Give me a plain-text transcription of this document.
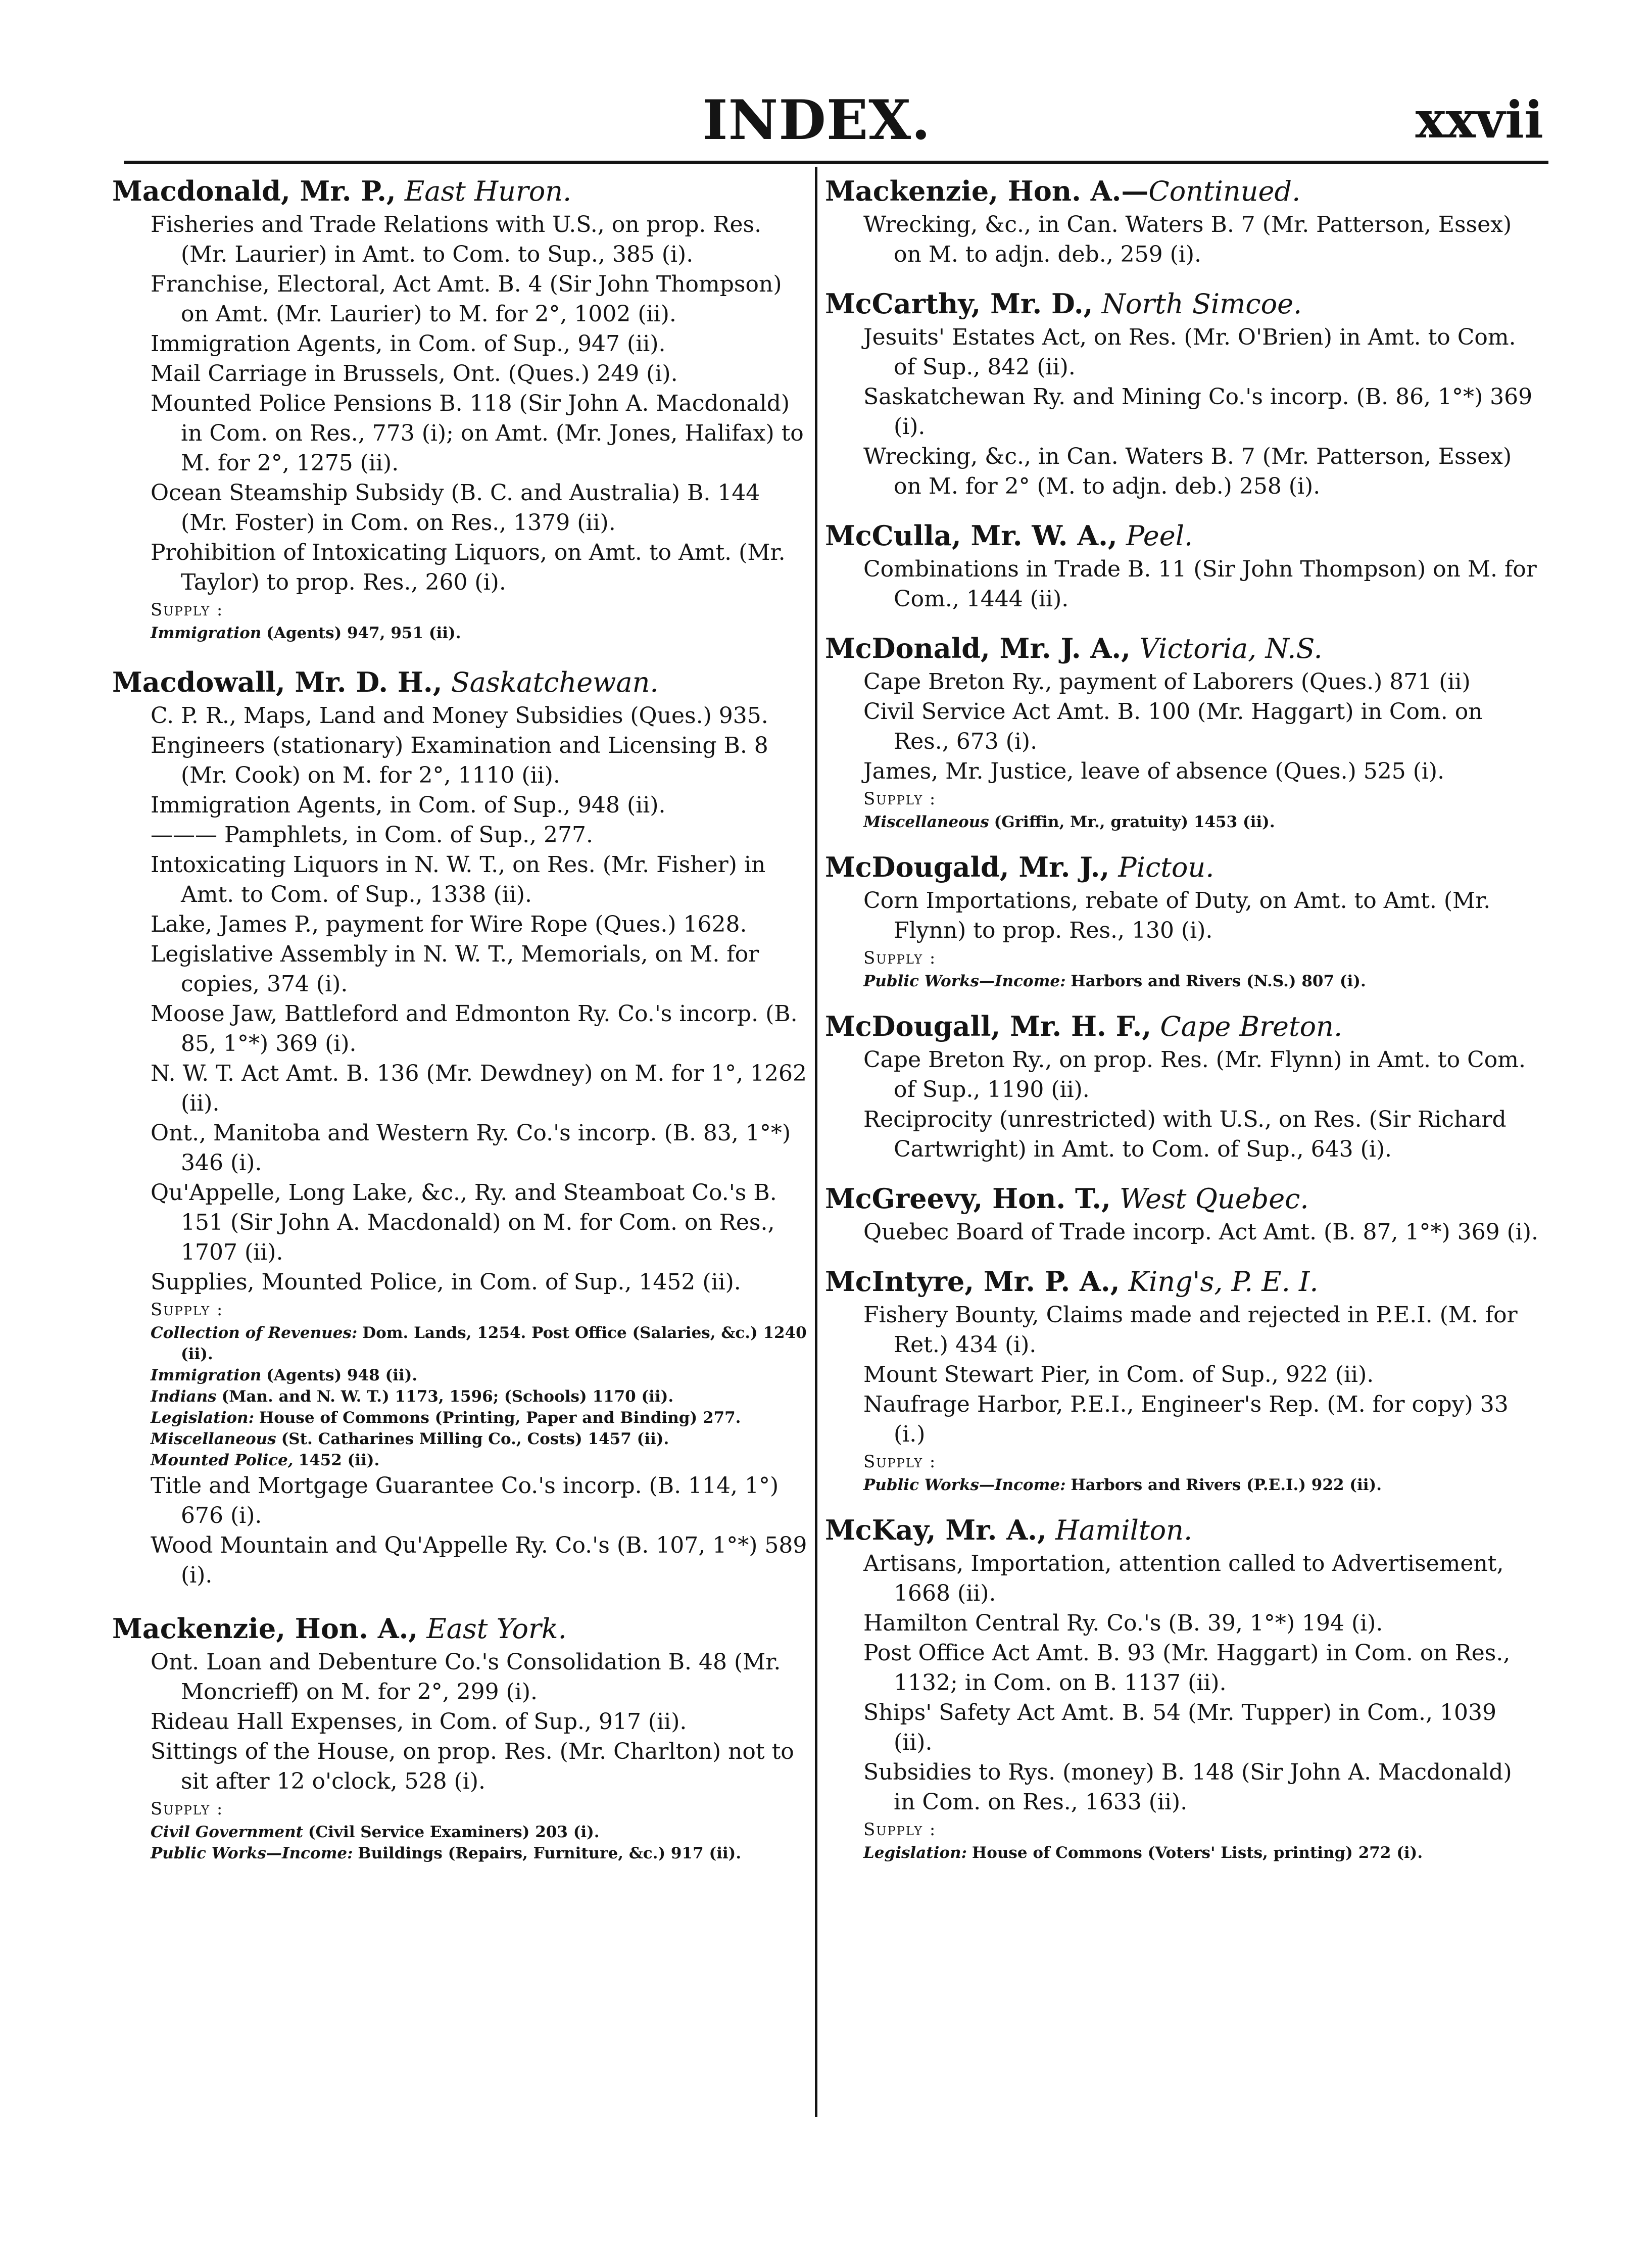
INDEX.	xxvii
Macdonald, Mr. P., East Huron.

Fisheries and Trade Relations with U.S., on prop. Res. (Mr. Laurier) in Amt. to Com. to Sup., 385 (i).

Franchise, Electoral, Act Amt. B. 4 (Sir John Thompson) on Amt. (Mr. Laurier) to M. for 2°, 1002 (ii).

Immigration Agents, in Com. of Sup., 947 (ii).

Mail Carriage in Brussels, Ont. (Ques.) 249 (i).

Mounted Police Pensions B. 118 (Sir John A. Macdonald) in Com. on Res., 773 (i); on Amt. (Mr. Jones, Halifax) to M. for 2°, 1275 (ii).

Ocean Steamship Subsidy (B. C. and Australia) B. 144 (Mr. Foster) in Com. on Res., 1379 (ii).

Prohibition of Intoxicating Liquors, on Amt. to Amt. (Mr. Taylor) to prop. Res., 260 (i).

Supply :

Immigration (Agents) 947, 951 (ii).

Macdowall, Mr. D. H., Saskatchewan.

C. P. R., Maps, Land and Money Subsidies (Ques.) 935.

Engineers (stationary) Examination and Licensing B. 8 (Mr. Cook) on M. for 2°, 1110 (ii).

Immigration Agents, in Com. of Sup., 948 (ii).

——— Pamphlets, in Com. of Sup., 277.

Intoxicating Liquors in N. W. T., on Res. (Mr. Fisher) in Amt. to Com. of Sup., 1338 (ii).

Lake, James P., payment for Wire Rope (Ques.) 1628.

Legislative Assembly in N. W. T., Memorials, on M. for copies, 374 (i).

Moose Jaw, Battleford and Edmonton Ry. Co.'s incorp. (B. 85, 1°*) 369 (i).

N. W. T. Act Amt. B. 136 (Mr. Dewdney) on M. for 1°, 1262 (ii).

Ont., Manitoba and Western Ry. Co.'s incorp. (B. 83, 1°*) 346 (i).

Qu'Appelle, Long Lake, &c., Ry. and Steamboat Co.'s B. 151 (Sir John A. Macdonald) on M. for Com. on Res., 1707 (ii).

Supplies, Mounted Police, in Com. of Sup., 1452 (ii).

Supply :

Collection of Revenues: Dom. Lands, 1254. Post Office (Salaries, &c.) 1240 (ii).

Immigration (Agents) 948 (ii).

Indians (Man. and N. W. T.) 1173, 1596; (Schools) 1170 (ii).

Legislation: House of Commons (Printing, Paper and Binding) 277.

Miscellaneous (St. Catharines Milling Co., Costs) 1457 (ii).

Mounted Police, 1452 (ii).

Title and Mortgage Guarantee Co.'s incorp. (B. 114, 1°) 676 (i).

Wood Mountain and Qu'Appelle Ry. Co.'s (B. 107, 1°*) 589 (i).

Mackenzie, Hon. A., East York.

Ont. Loan and Debenture Co.'s Consolidation B. 48 (Mr. Moncrieff) on M. for 2°, 299 (i).

Rideau Hall Expenses, in Com. of Sup., 917 (ii).

Sittings of the House, on prop. Res. (Mr. Charlton) not to sit after 12 o'clock, 528 (i).

Supply :

Civil Government (Civil Service Examiners) 203 (i).

Public Works—Income: Buildings (Repairs, Furniture, &c.) 917 (ii).

Mackenzie, Hon. A.—Continued.

Wrecking, &c., in Can. Waters B. 7 (Mr. Patterson, Essex) on M. to adjn. deb., 259 (i).

McCarthy, Mr. D., North Simcoe.

Jesuits' Estates Act, on Res. (Mr. O'Brien) in Amt. to Com. of Sup., 842 (ii).

Saskatchewan Ry. and Mining Co.'s incorp. (B. 86, 1°*) 369 (i).

Wrecking, &c., in Can. Waters B. 7 (Mr. Patterson, Essex) on M. for 2° (M. to adjn. deb.) 258 (i).

McCulla, Mr. W. A., Peel.

Combinations in Trade B. 11 (Sir John Thompson) on M. for Com., 1444 (ii).

McDonald, Mr. J. A., Victoria, N.S.

Cape Breton Ry., payment of Laborers (Ques.) 871 (ii)

Civil Service Act Amt. B. 100 (Mr. Haggart) in Com. on Res., 673 (i).

James, Mr. Justice, leave of absence (Ques.) 525 (i).

Supply :

Miscellaneous (Griffin, Mr., gratuity) 1453 (ii).

McDougald, Mr. J., Pictou.

Corn Importations, rebate of Duty, on Amt. to Amt. (Mr. Flynn) to prop. Res., 130 (i).

Supply :

Public Works—Income: Harbors and Rivers (N.S.) 807 (i).

McDougall, Mr. H. F., Cape Breton.

Cape Breton Ry., on prop. Res. (Mr. Flynn) in Amt. to Com. of Sup., 1190 (ii).

Reciprocity (unrestricted) with U.S., on Res. (Sir Richard Cartwright) in Amt. to Com. of Sup., 643 (i).

McGreevy, Hon. T., West Quebec.

Quebec Board of Trade incorp. Act Amt. (B. 87, 1°*) 369 (i).

McIntyre, Mr. P. A., King's, P. E. I.

Fishery Bounty, Claims made and rejected in P.E.I. (M. for Ret.) 434 (i).

Mount Stewart Pier, in Com. of Sup., 922 (ii).

Naufrage Harbor, P.E.I., Engineer's Rep. (M. for copy) 33 (i.)

Supply :

Public Works—Income: Harbors and Rivers (P.E.I.) 922 (ii).

McKay, Mr. A., Hamilton.

Artisans, Importation, attention called to Advertisement, 1668 (ii).

Hamilton Central Ry. Co.'s (B. 39, 1°*) 194 (i).

Post Office Act Amt. B. 93 (Mr. Haggart) in Com. on Res., 1132; in Com. on B. 1137 (ii).

Ships' Safety Act Amt. B. 54 (Mr. Tupper) in Com., 1039 (ii).

Subsidies to Rys. (money) B. 148 (Sir John A. Macdonald) in Com. on Res., 1633 (ii).

Supply :

Legislation: House of Commons (Voters' Lists, printing) 272 (i).
